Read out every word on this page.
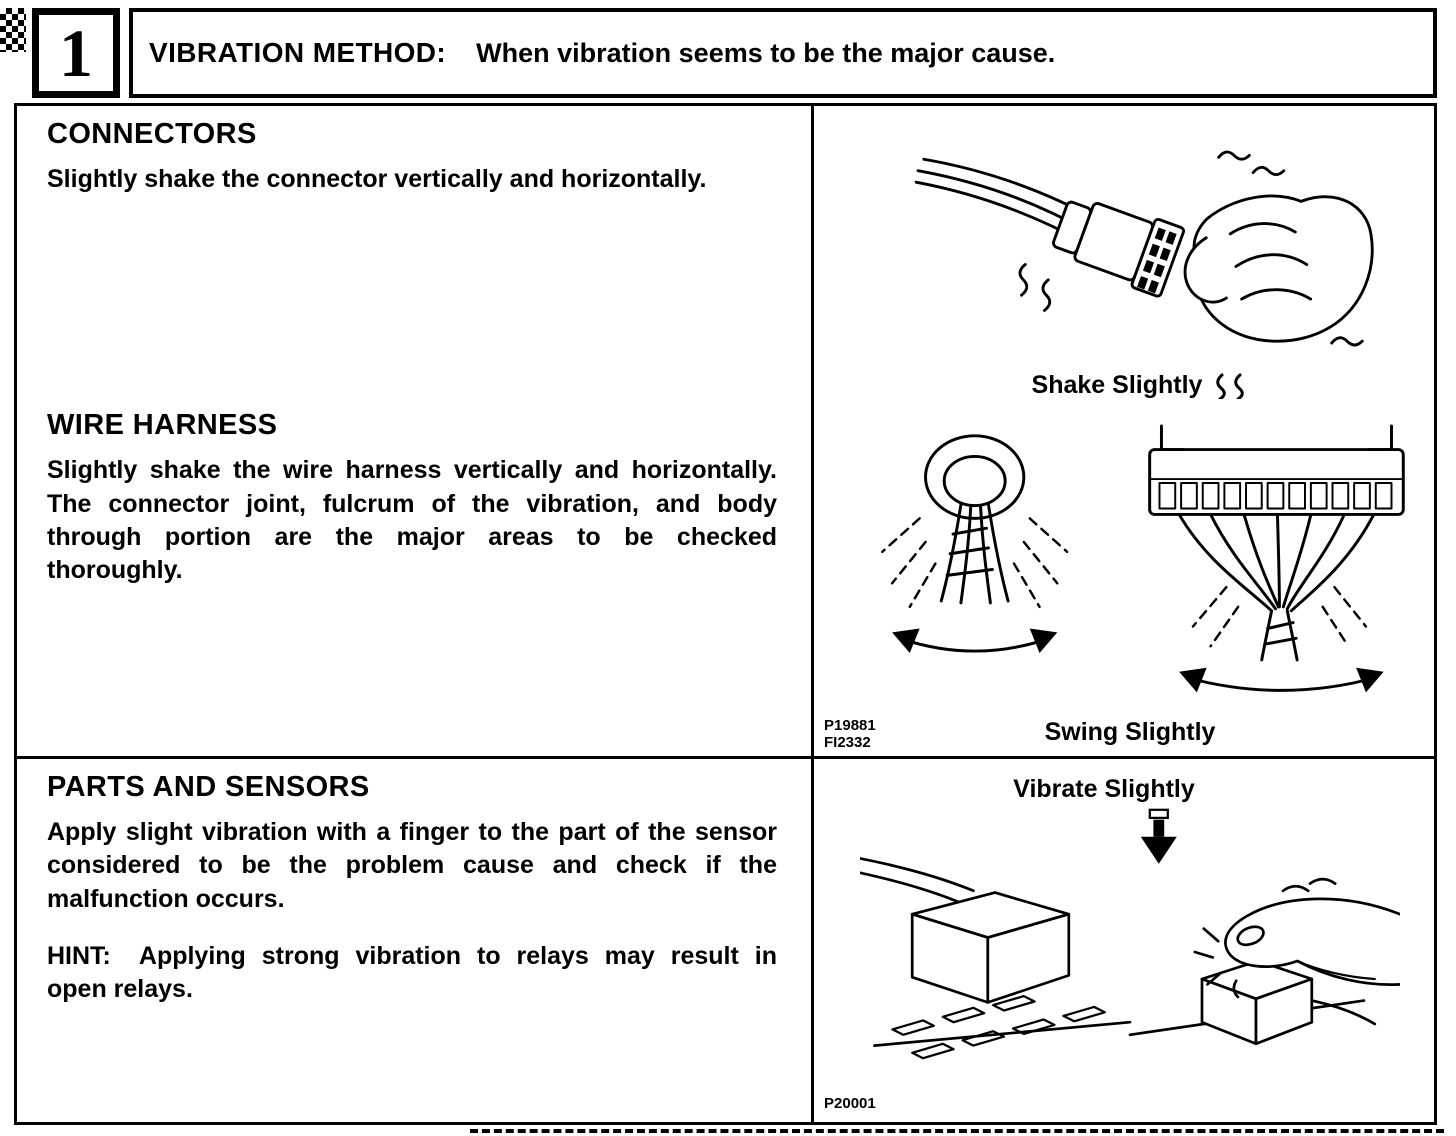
1 VIBRATION METHOD: When vibration seems to be the major cause.
CONNECTORS

Slightly shake the connector vertically and horizontally.

WIRE HARNESS

Slightly shake the wire harness vertically and horizontally. The connector joint, fulcrum of the vibration, and body through portion are the major areas to be checked thoroughly.

Shake Slightly
Swing Slightly
P19881
FI2332
PARTS AND SENSORS

Apply slight vibration with a finger to the part of the sensor considered to be the problem cause and check if the malfunction occurs.

HINT: Applying strong vibration to relays may result in open relays.

Vibrate Slightly
P20001
